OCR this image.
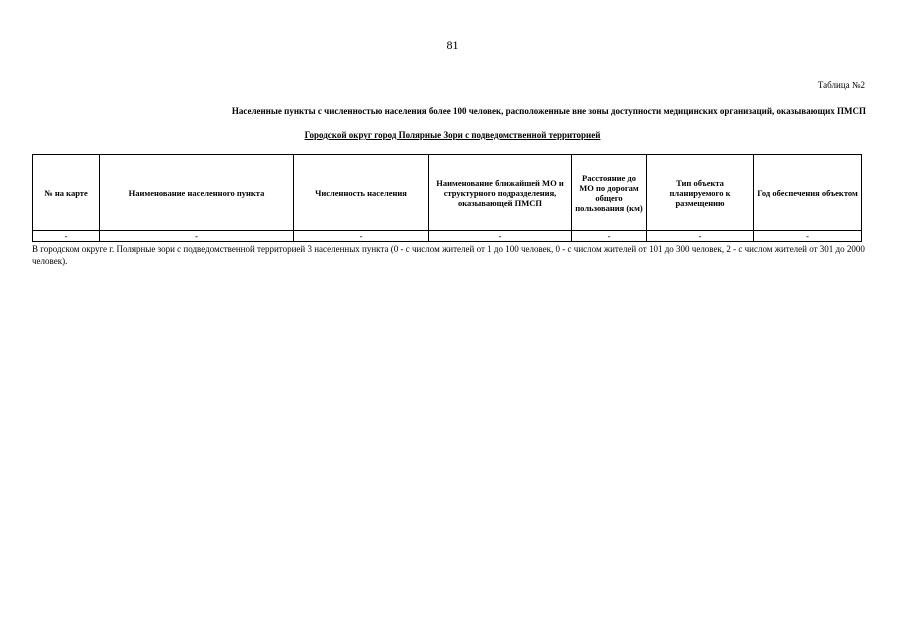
81
Таблица №2
Населенные пункты с численностью населения более 100 человек, расположенные вне зоны доступности медицинских организаций, оказывающих ПМСП
Городской округ город Полярные Зори с подведомственной территорией
№ на карте	Наименование населенного пункта	Численность населения	Наименование ближайшей МО и структурного подразделения, оказывающей ПМСП	Расстояние до МО по дорогам общего пользования (км)	Тип объекта планируемого к размещению	Год обеспечения объектом
-	-	-	-	-	-	-
В городском округе г. Полярные зори с подведомственной территорией 3 населенных пункта (0 - с числом жителей от 1 до 100 человек, 0 - с числом жителей от 101 до 300 человек, 2 - с числом жителей от 301 до 2000 человек).
